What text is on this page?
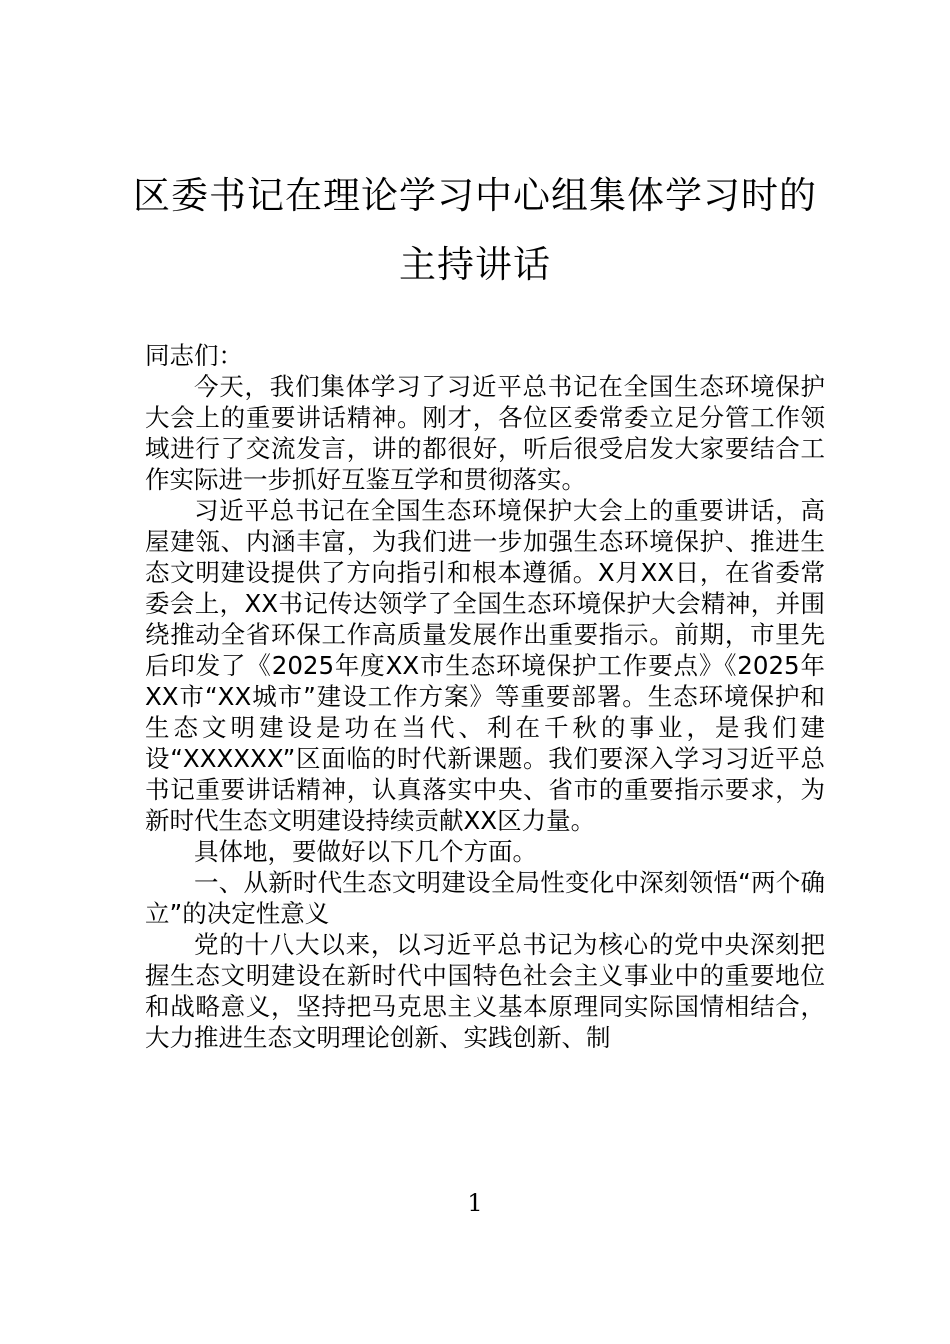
区委书记在理论学习中心组集体学习时的
主持讲话

同志们：

今天，我们集体学习了习近平总书记在全国生态环境保护大会上的重要讲话精神。刚才，各位区委常委立足分管工作领域进行了交流发言，讲的都很好，听后很受启发大家要结合工作实际进一步抓好互鉴互学和贯彻落实。

习近平总书记在全国生态环境保护大会上的重要讲话，高屋建瓴、内涵丰富，为我们进一步加强生态环境保护、推进生态文明建设提供了方向指引和根本遵循。X月XX日，在省委常委会上，XX书记传达领学了全国生态环境保护大会精神，并围绕推动全省环保工作高质量发展作出重要指示。前期，市里先后印发了《2025年度XX市生态环境保护工作要点》《2025年XX市“XX城市”建设工作方案》等重要部署。生态环境保护和生态文明建设是功在当代、利在千秋的事业，是我们建设“XXXXXX”区面临的时代新课题。我们要深入学习习近平总书记重要讲话精神，认真落实中央、省市的重要指示要求，为新时代生态文明建设持续贡献XX区力量。

具体地，要做好以下几个方面。

一、从新时代生态文明建设全局性变化中深刻领悟“两个确立”的决定性意义

党的十八大以来，以习近平总书记为核心的党中央深刻把握生态文明建设在新时代中国特色社会主义事业中的重要地位和战略意义，坚持把马克思主义基本原理同实际国情相结合，大力推进生态文明理论创新、实践创新、制

1
